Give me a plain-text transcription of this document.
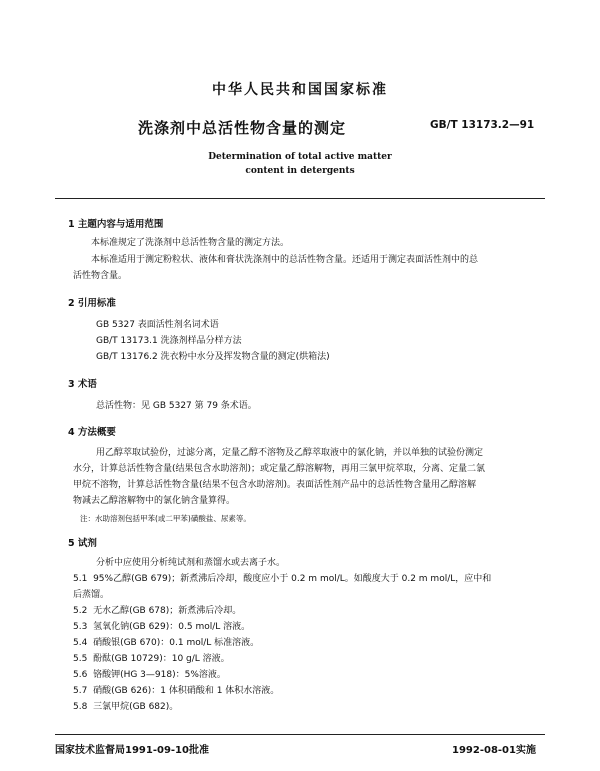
中华人民共和国国家标准
洗涤剂中总活性物含量的测定	GB/T 13173.2—91
Determination of total active matter
content in detergents
1 主题内容与适用范围
本标准规定了洗涤剂中总活性物含量的测定方法。
本标准适用于测定粉粒状、液体和膏状洗涤剂中的总活性物含量。还适用于测定表面活性剂中的总
活性物含量。
2 引用标准
GB 5327 表面活性剂名词术语
GB/T 13173.1 洗涤剂样品分样方法
GB/T 13176.2 洗衣粉中水分及挥发物含量的测定(烘箱法)
3 术语
总活性物：见 GB 5327 第 79 条术语。
4 方法概要
用乙醇萃取试验份，过滤分离，定量乙醇不溶物及乙醇萃取液中的氯化钠，并以单独的试验份测定
水分，计算总活性物含量(结果包含水助溶剂)；或定量乙醇溶解物，再用三氯甲烷萃取，分离、定量二氯
甲烷不溶物，计算总活性物含量(结果不包含水助溶剂)。表面活性剂产品中的总活性物含量用乙醇溶解
物减去乙醇溶解物中的氯化钠含量算得。
注：水助溶剂包括甲苯(或二甲苯)磺酸盐、尿素等。
5 试剂
分析中应使用分析纯试剂和蒸馏水或去离子水。
5.1 95%乙醇(GB 679)；新煮沸后冷却，酸度应小于 0.2 m mol/L。如酸度大于 0.2 m mol/L，应中和
后蒸馏。
5.2 无水乙醇(GB 678)；新煮沸后冷却。
5.3 氢氧化钠(GB 629)：0.5 mol/L 溶液。
5.4 硝酸银(GB 670)：0.1 mol/L 标准溶液。
5.5 酚酞(GB 10729)：10 g/L 溶液。
5.6 铬酸钾(HG 3—918)：5%溶液。
5.7 硝酸(GB 626)：1 体积硝酸和 1 体积水溶液。
5.8 三氯甲烷(GB 682)。
国家技术监督局1991-09-10批准	1992-08-01实施
